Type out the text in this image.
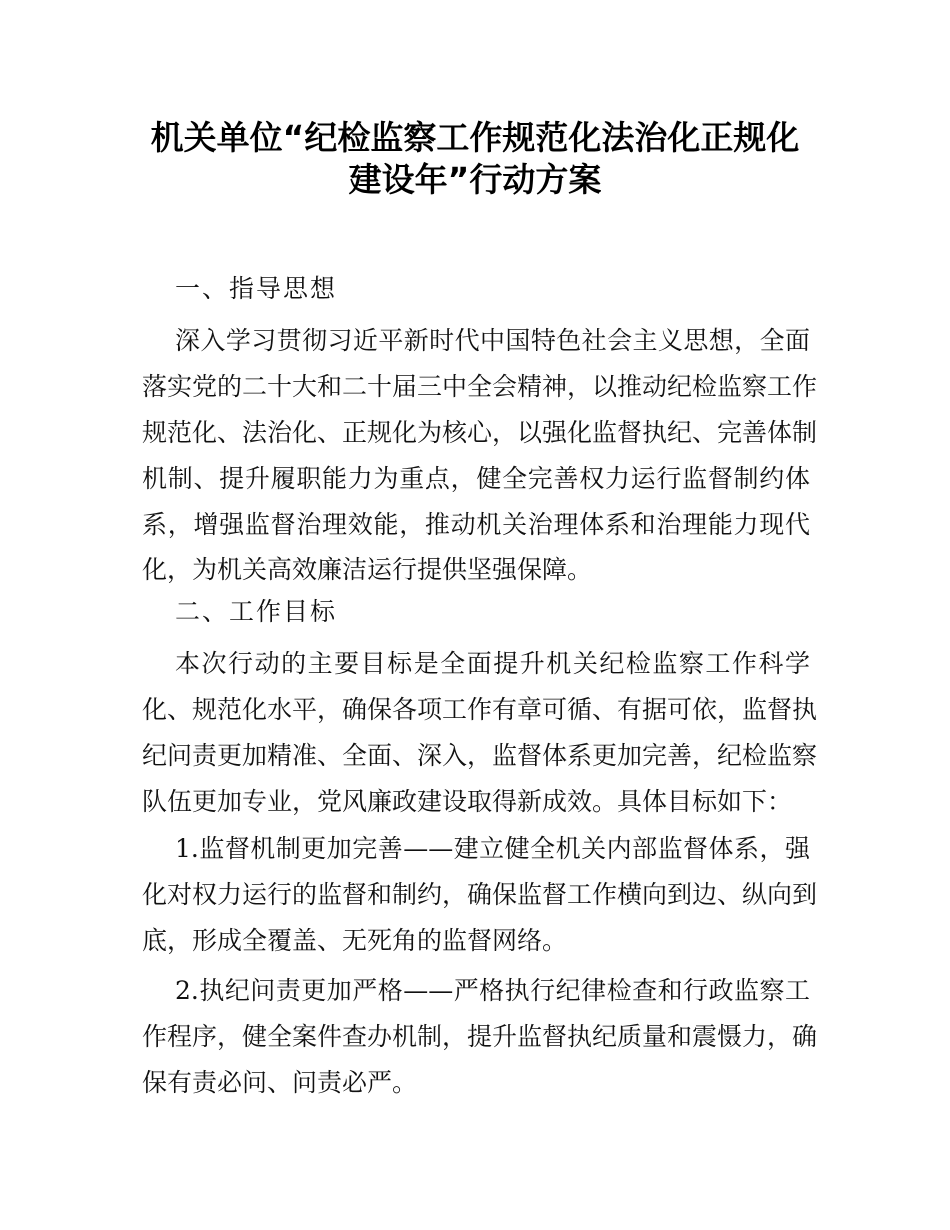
机关单位“纪检监察工作规范化法治化正规化
建设年”行动方案
一、指导思想
深入学习贯彻习近平新时代中国特色社会主义思想，全面
落实党的二十大和二十届三中全会精神，以推动纪检监察工作
规范化、法治化、正规化为核心，以强化监督执纪、完善体制
机制、提升履职能力为重点，健全完善权力运行监督制约体
系，增强监督治理效能，推动机关治理体系和治理能力现代
化，为机关高效廉洁运行提供坚强保障。
二、工作目标
本次行动的主要目标是全面提升机关纪检监察工作科学
化、规范化水平，确保各项工作有章可循、有据可依，监督执
纪问责更加精准、全面、深入，监督体系更加完善，纪检监察
队伍更加专业，党风廉政建设取得新成效。具体目标如下：
1.监督机制更加完善——建立健全机关内部监督体系，强
化对权力运行的监督和制约，确保监督工作横向到边、纵向到
底，形成全覆盖、无死角的监督网络。
2.执纪问责更加严格——严格执行纪律检查和行政监察工
作程序，健全案件查办机制，提升监督执纪质量和震慑力，确
保有责必问、问责必严。
